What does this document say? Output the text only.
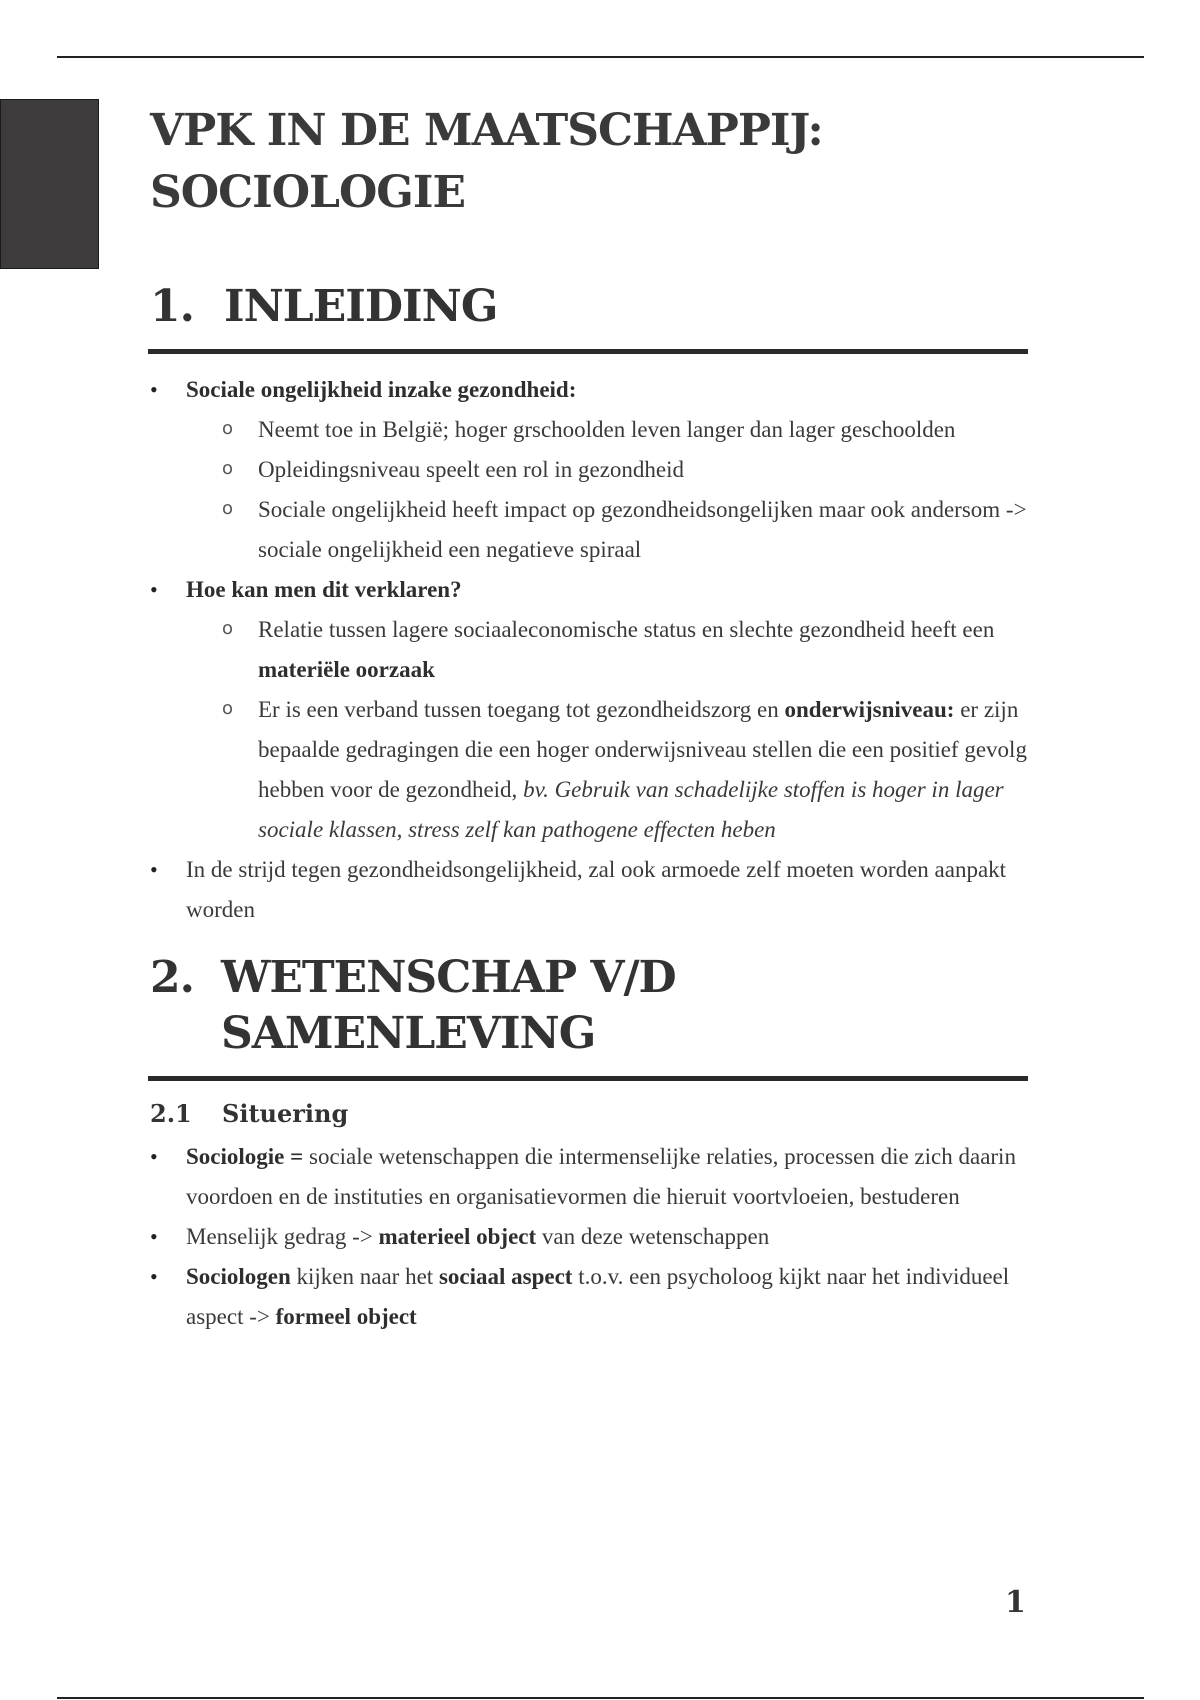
VPK IN DE MAATSCHAPPIJ:
SOCIOLOGIE
1. INLEIDING
• Sociale ongelijkheid inzake gezondheid:
o Neemt toe in België; hoger grschoolden leven langer dan lager geschoolden
o Opleidingsniveau speelt een rol in gezondheid
o Sociale ongelijkheid heeft impact op gezondheidsongelijken maar ook andersom -> sociale ongelijkheid een negatieve spiraal
• Hoe kan men dit verklaren?
o Relatie tussen lagere sociaaleconomische status en slechte gezondheid heeft een materiële oorzaak
o Er is een verband tussen toegang tot gezondheidszorg en onderwijsniveau: er zijn bepaalde gedragingen die een hoger onderwijsniveau stellen die een positief gevolg hebben voor de gezondheid, bv. Gebruik van schadelijke stoffen is hoger in lager sociale klassen, stress zelf kan pathogene effecten heben
• In de strijd tegen gezondheidsongelijkheid, zal ook armoede zelf moeten worden aanpakt worden
2. WETENSCHAP V/D SAMENLEVING
2.1	Situering
• Sociologie = sociale wetenschappen die intermenselijke relaties, processen die zich daarin voordoen en de instituties en organisatievormen die hieruit voortvloeien, bestuderen
• Menselijk gedrag -> materieel object van deze wetenschappen
• Sociologen kijken naar het sociaal aspect t.o.v. een psycholoog kijkt naar het individueel aspect -> formeel object
1
